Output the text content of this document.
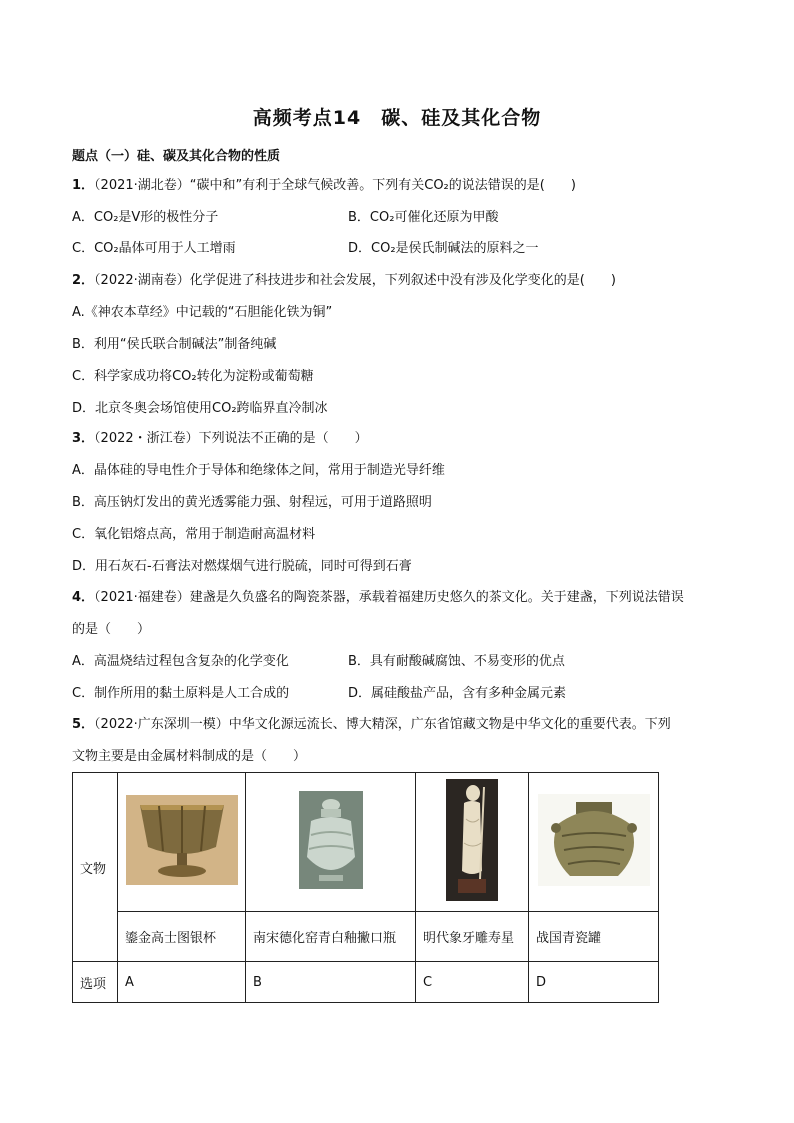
高频考点14　碳、硅及其化合物
题点（一）硅、碳及其化合物的性质
1．（2021·湖北卷）“碳中和”有利于全球气候改善。下列有关CO₂的说法错误的是(　　)
A．CO₂是V形的极性分子	B．CO₂可催化还原为甲酸
C．CO₂晶体可用于人工增雨	D．CO₂是侯氏制碱法的原料之一
2．（2022·湖南卷）化学促进了科技进步和社会发展，下列叙述中没有涉及化学变化的是(　　)
A.《神农本草经》中记载的“石胆能化铁为铜”
B．利用“侯氏联合制碱法”制备纯碱
C．科学家成功将CO₂转化为淀粉或葡萄糖
D．北京冬奥会场馆使用CO₂跨临界直冷制冰
3．（2022・浙江卷）下列说法不正确的是（　　）
A．晶体硅的导电性介于导体和绝缘体之间，常用于制造光导纤维
B．高压钠灯发出的黄光透雾能力强、射程远，可用于道路照明
C．氧化铝熔点高，常用于制造耐高温材料
D．用石灰石-石膏法对燃煤烟气进行脱硫，同时可得到石膏
4．（2021·福建卷）建盏是久负盛名的陶瓷茶器，承载着福建历史悠久的茶文化。关于建盏，下列说法错误
的是（　　）
A．高温烧结过程包含复杂的化学变化	B．具有耐酸碱腐蚀、不易变形的优点
C．制作所用的黏土原料是人工合成的	D．属硅酸盐产品，含有多种金属元素
5．（2022·广东深圳一模）中华文化源远流长、博大精深，广东省馆藏文物是中华文化的重要代表。下列
文物主要是由金属材料制成的是（　　）
文物				
	鎏金高士图银杯	南宋德化窑青白釉撇口瓶	明代象牙雕寿星	战国青瓷罐
选项	A	B	C	D
